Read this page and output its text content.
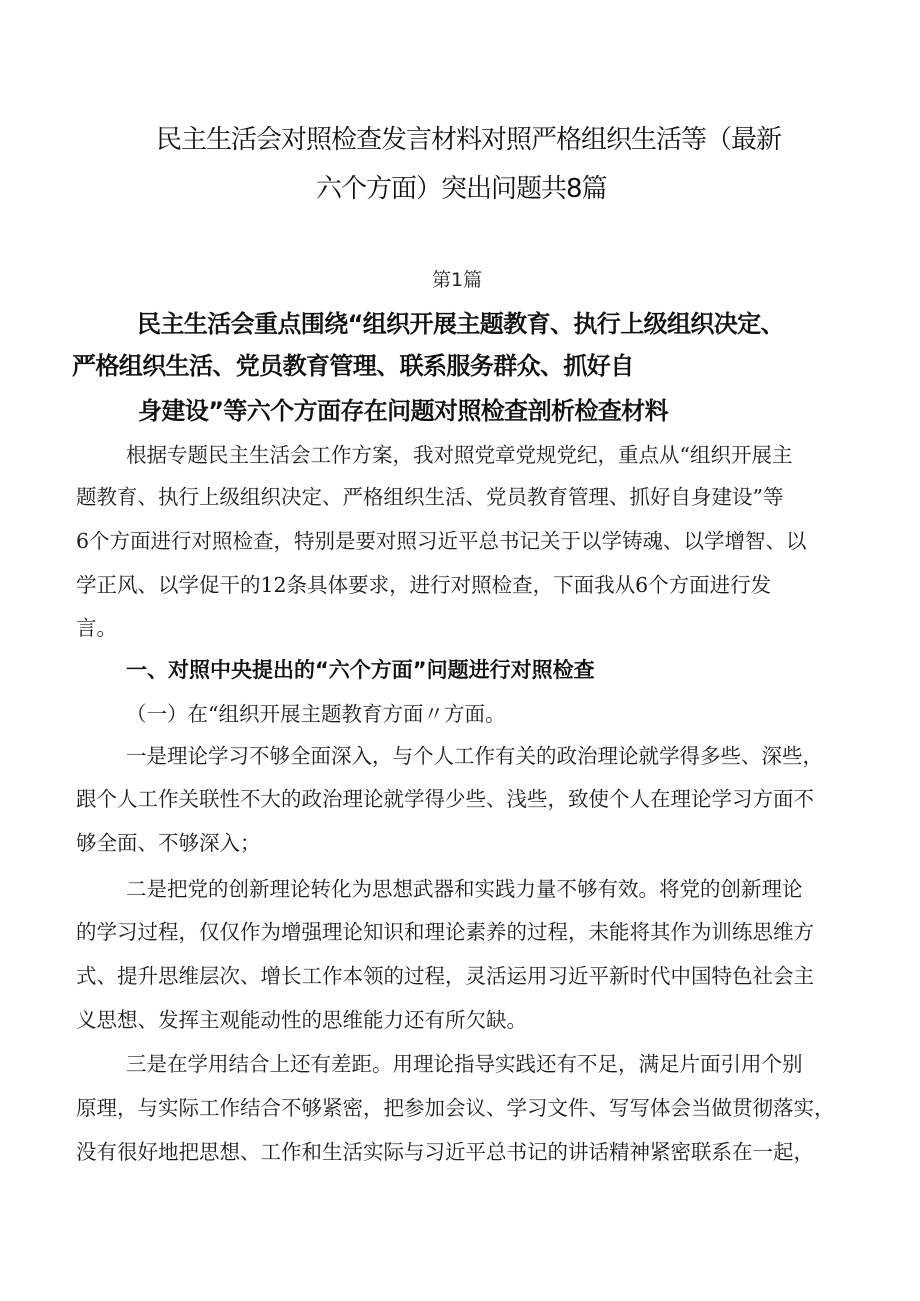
民主生活会对照检查发言材料对照严格组织生活等（最新
六个方面）突出问题共8篇
第1篇
民主生活会重点围绕“组织开展主题教育、执行上级组织决定、
严格组织生活、党员教育管理、联系服务群众、抓好自
身建设”等六个方面存在问题对照检查剖析检查材料
根据专题民主生活会工作方案，我对照党章党规党纪，重点从“组织开展主
题教育、执行上级组织决定、严格组织生活、党员教育管理、抓好自身建设”等
6个方面进行对照检查，特别是要对照习近平总书记关于以学铸魂、以学增智、以
学正风、以学促干的12条具体要求，进行对照检查，下面我从6个方面进行发
言。
一、对照中央提出的“六个方面”问题进行对照检查
（一）在“组织开展主题教育方面〃方面。
一是理论学习不够全面深入，与个人工作有关的政治理论就学得多些、深些，
跟个人工作关联性不大的政治理论就学得少些、浅些，致使个人在理论学习方面不
够全面、不够深入；
二是把党的创新理论转化为思想武器和实践力量不够有效。将党的创新理论
的学习过程，仅仅作为增强理论知识和理论素养的过程，未能将其作为训练思维方
式、提升思维层次、增长工作本领的过程，灵活运用习近平新时代中国特色社会主
义思想、发挥主观能动性的思维能力还有所欠缺。
三是在学用结合上还有差距。用理论指导实践还有不足，满足片面引用个别
原理，与实际工作结合不够紧密，把参加会议、学习文件、写写体会当做贯彻落实，
没有很好地把思想、工作和生活实际与习近平总书记的讲话精神紧密联系在一起，
